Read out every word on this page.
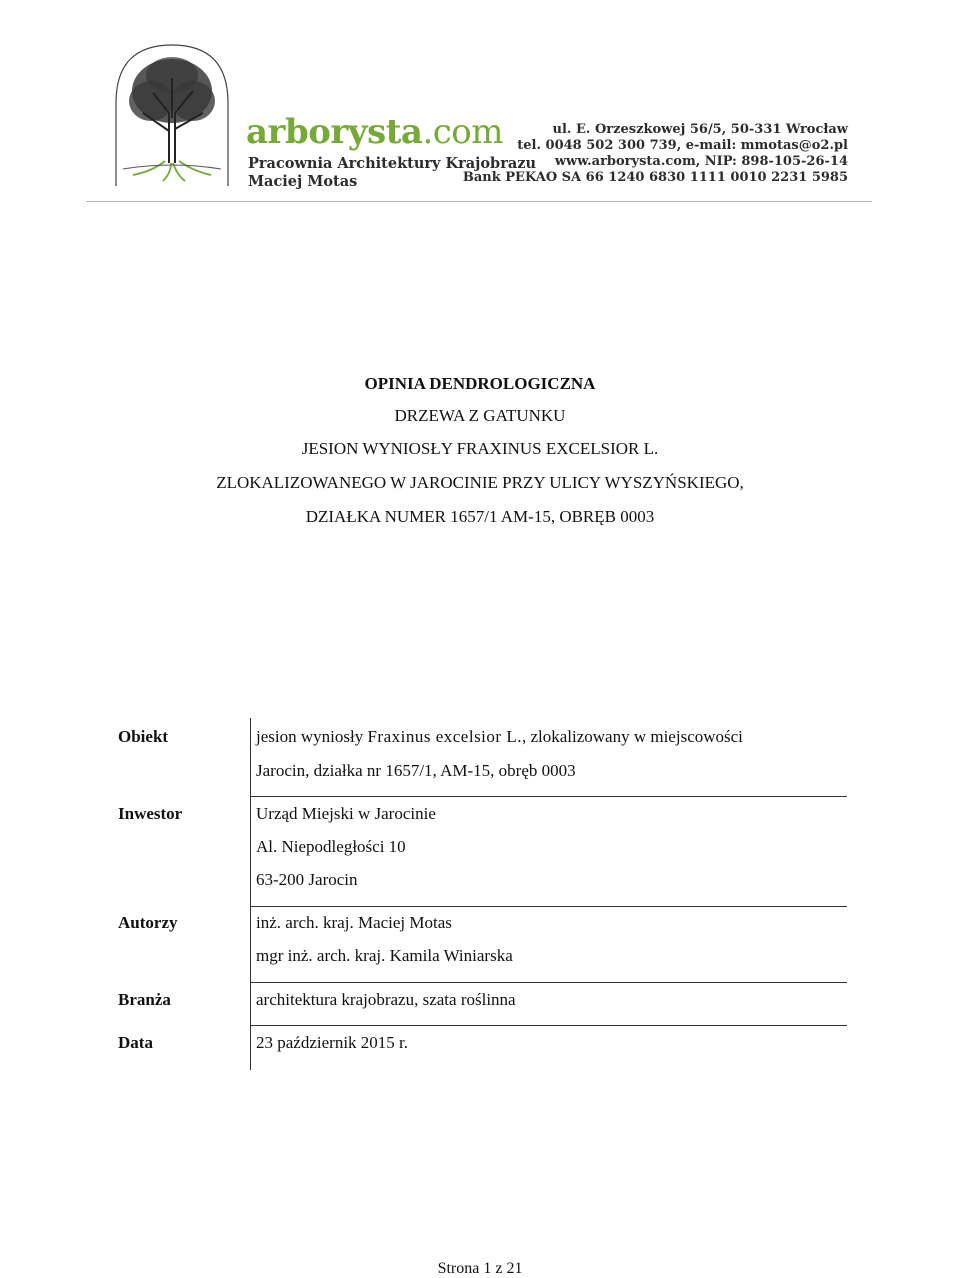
arborysta.com
Pracownia Architektury Krajobrazu
Maciej Motas
ul. E. Orzeszkowej 56/5, 50-331 Wrocław
tel. 0048 502 300 739, e-mail: mmotas@o2.pl
www.arborysta.com, NIP: 898-105-26-14
Bank PEKAO SA 66 1240 6830 1111 0010 2231 5985
OPINIA DENDROLOGICZNA
DRZEWA Z GATUNKU
JESION WYNIOSŁY FRAXINUS EXCELSIOR L.
ZLOKALIZOWANEGO W JAROCINIE PRZY ULICY WYSZYŃSKIEGO,
DZIAŁKA NUMER 1657/1 AM-15, OBRĘB 0003
Obiekt	jesion wyniosły Fraxinus excelsior L., zlokalizowany w miejscowości
Jarocin, działka nr 1657/1, AM-15, obręb 0003
Inwestor	Urząd Miejski w Jarocinie
Al. Niepodległości 10
63-200 Jarocin
Autorzy	inż. arch. kraj. Maciej Motas
mgr inż. arch. kraj. Kamila Winiarska
Branża	architektura krajobrazu, szata roślinna
Data	23 październik 2015 r.
Strona 1 z 21
